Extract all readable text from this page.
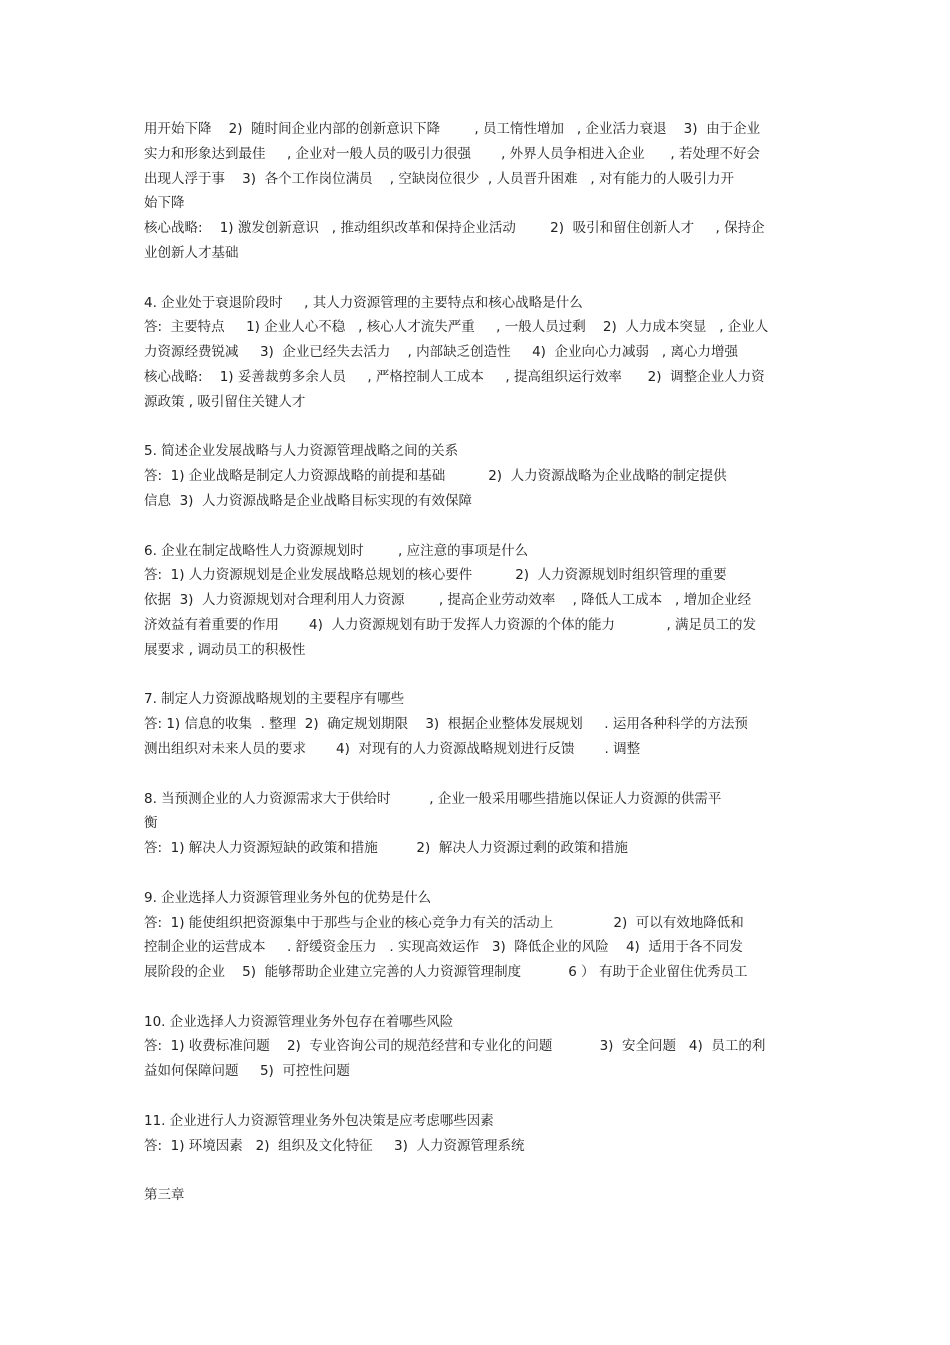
用开始下降    2)  随时间企业内部的创新意识下降        , 员工惰性增加   , 企业活力衰退    3)  由于企业
实力和形象达到最佳     , 企业对一般人员的吸引力很强       , 外界人员争相进入企业      , 若处理不好会
出现人浮于事    3)  各个工作岗位满员    , 空缺岗位很少  , 人员晋升困难   , 对有能力的人吸引力开
始下降
核心战略:    1) 激发创新意识   , 推动组织改革和保持企业活动        2)  吸引和留住创新人才     , 保持企
业创新人才基础
4. 企业处于衰退阶段时     , 其人力资源管理的主要特点和核心战略是什么
答:  主要特点     1) 企业人心不稳   , 核心人才流失严重     , 一般人员过剩    2)  人力成本突显   , 企业人
力资源经费锐减     3)  企业已经失去活力    , 内部缺乏创造性     4)  企业向心力减弱   , 离心力增强
核心战略:    1) 妥善裁剪多余人员     , 严格控制人工成本     , 提高组织运行效率      2)  调整企业人力资
源政策 , 吸引留住关键人才
5. 简述企业发展战略与人力资源管理战略之间的关系
答:  1) 企业战略是制定人力资源战略的前提和基础          2)  人力资源战略为企业战略的制定提供
信息  3)  人力资源战略是企业战略目标实现的有效保障
6. 企业在制定战略性人力资源规划时        , 应注意的事项是什么
答:  1) 人力资源规划是企业发展战略总规划的核心要件          2)  人力资源规划时组织管理的重要
依据  3)  人力资源规划对合理利用人力资源        , 提高企业劳动效率    , 降低人工成本   , 增加企业经
济效益有着重要的作用       4)  人力资源规划有助于发挥人力资源的个体的能力            , 满足员工的发
展要求 , 调动员工的积极性
7. 制定人力资源战略规划的主要程序有哪些
答: 1) 信息的收集  . 整理  2)  确定规划期限    3)  根据企业整体发展规划     . 运用各种科学的方法预
测出组织对未来人员的要求       4)  对现有的人力资源战略规划进行反馈       . 调整
8. 当预测企业的人力资源需求大于供给时         , 企业一般采用哪些措施以保证人力资源的供需平
衡
答:  1) 解决人力资源短缺的政策和措施         2)  解决人力资源过剩的政策和措施
9. 企业选择人力资源管理业务外包的优势是什么
答:  1) 能使组织把资源集中于那些与企业的核心竞争力有关的活动上              2)  可以有效地降低和
控制企业的运营成本     . 舒缓资金压力   . 实现高效运作   3)  降低企业的风险    4)  适用于各不同发
展阶段的企业    5)  能够帮助企业建立完善的人力资源管理制度           6 ） 有助于企业留住优秀员工
10. 企业选择人力资源管理业务外包存在着哪些风险
答:  1) 收费标准问题    2)  专业咨询公司的规范经营和专业化的问题           3)  安全问题   4)  员工的利
益如何保障问题     5)  可控性问题
11. 企业进行人力资源管理业务外包决策是应考虑哪些因素
答:  1) 环境因素   2)  组织及文化特征     3)  人力资源管理系统
第三章
